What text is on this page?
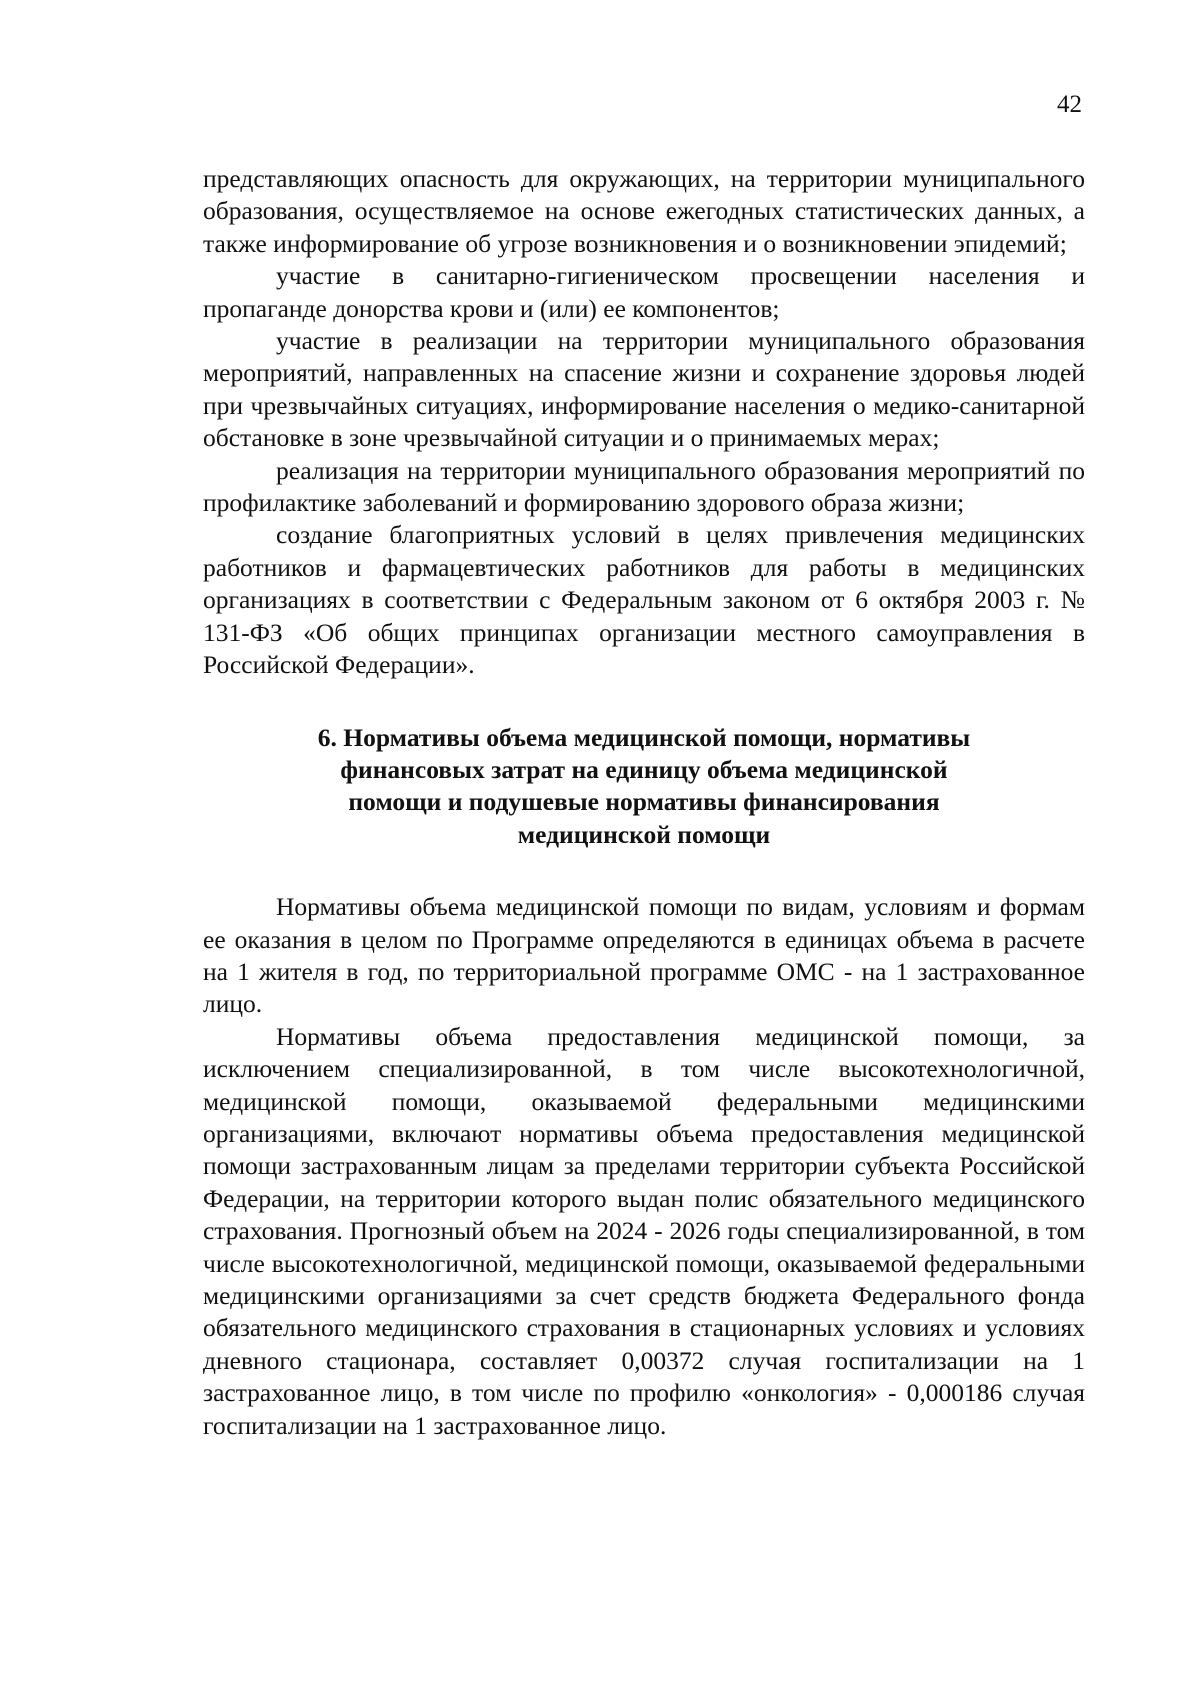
42

представляющих опасность для окружающих, на территории муниципального образования, осуществляемое на основе ежегодных статистических данных, а также информирование об угрозе возникновения и о возникновении эпидемий;

участие в санитарно-гигиеническом просвещении населения и пропаганде донорства крови и (или) ее компонентов;

участие в реализации на территории муниципального образования мероприятий, направленных на спасение жизни и сохранение здоровья людей при чрезвычайных ситуациях, информирование населения о медико-санитарной обстановке в зоне чрезвычайной ситуации и о принимаемых мерах;

реализация на территории муниципального образования мероприятий по профилактике заболеваний и формированию здорового образа жизни;

создание благоприятных условий в целях привлечения медицинских работников и фармацевтических работников для работы в медицинских организациях в соответствии с Федеральным законом от 6 октября 2003 г. № 131-ФЗ «Об общих принципах организации местного самоуправления в Российской Федерации».

6. Нормативы объема медицинской помощи, нормативы
финансовых затрат на единицу объема медицинской
помощи и подушевые нормативы финансирования
медицинской помощи

Нормативы объема медицинской помощи по видам, условиям и формам ее оказания в целом по Программе определяются в единицах объема в расчете на 1 жителя в год, по территориальной программе ОМС - на 1 застрахованное лицо.

Нормативы объема предоставления медицинской помощи, за исключением специализированной, в том числе высокотехнологичной, медицинской помощи, оказываемой федеральными медицинскими организациями, включают нормативы объема предоставления медицинской помощи застрахованным лицам за пределами территории субъекта Российской Федерации, на территории которого выдан полис обязательного медицинского страхования. Прогнозный объем на 2024 - 2026 годы специализированной, в том числе высокотехнологичной, медицинской помощи, оказываемой федеральными медицинскими организациями за счет средств бюджета Федерального фонда обязательного медицинского страхования в стационарных условиях и условиях дневного стационара, составляет 0,00372 случая госпитализации на 1 застрахованное лицо, в том числе по профилю «онкология» - 0,000186 случая госпитализации на 1 застрахованное лицо.
